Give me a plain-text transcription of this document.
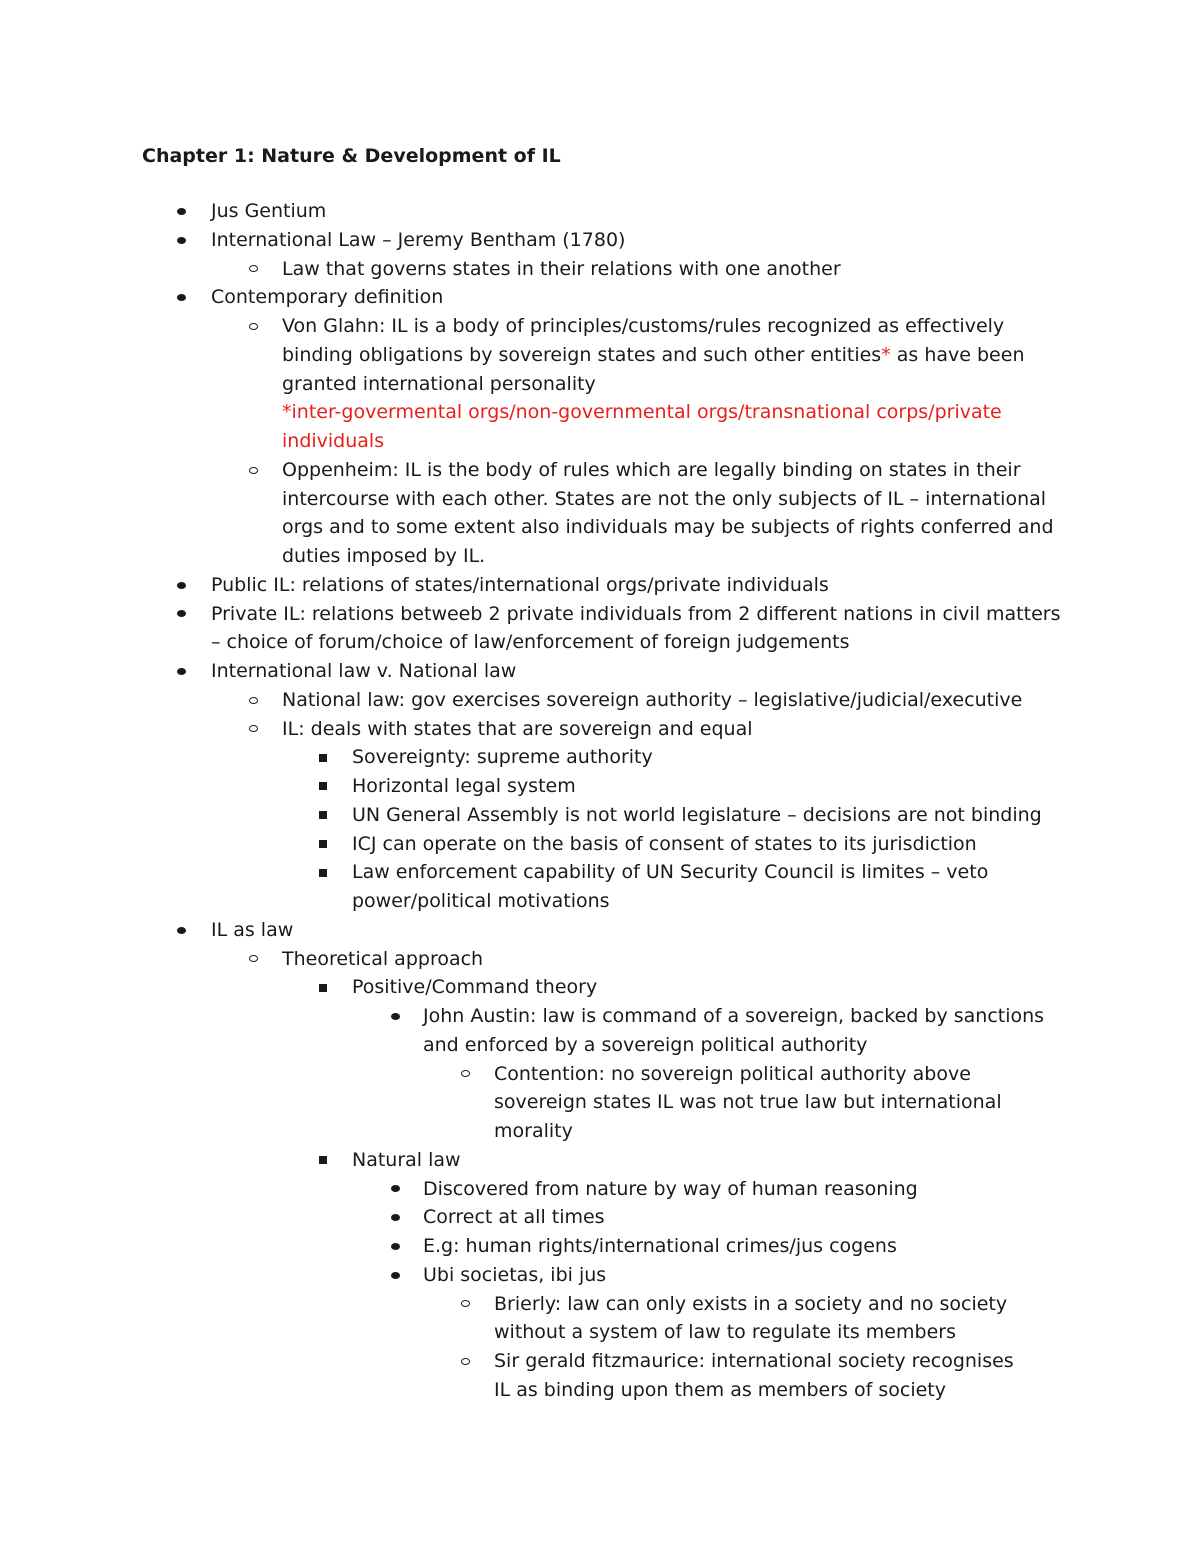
Chapter 1: Nature & Development of IL
Jus Gentium
International Law – Jeremy Bentham (1780)
Law that governs states in their relations with one another
Contemporary definition
Von Glahn: IL is a body of principles/customs/rules recognized as effectively binding obligations by sovereign states and such other entities* as have been granted international personality
*inter-govermental orgs/non-governmental orgs/transnational corps/private individuals
Oppenheim: IL is the body of rules which are legally binding on states in their intercourse with each other. States are not the only subjects of IL – international orgs and to some extent also individuals may be subjects of rights conferred and duties imposed by IL.
Public IL: relations of states/international orgs/private individuals
Private IL: relations betweeb 2 private individuals from 2 different nations in civil matters – choice of forum/choice of law/enforcement of foreign judgements
International law v. National law
National law: gov exercises sovereign authority – legislative/judicial/executive
IL: deals with states that are sovereign and equal
Sovereignty: supreme authority
Horizontal legal system
UN General Assembly is not world legislature – decisions are not binding
ICJ can operate on the basis of consent of states to its jurisdiction
Law enforcement capability of UN Security Council is limites – veto power/political motivations
IL as law
Theoretical approach
Positive/Command theory
John Austin: law is command of a sovereign, backed by sanctions and enforced by a sovereign political authority
Contention: no sovereign political authority above sovereign states IL was not true law but international morality
Natural law
Discovered from nature by way of human reasoning
Correct at all times
E.g: human rights/international crimes/jus cogens
Ubi societas, ibi jus
Brierly: law can only exists in a society and no society without a system of law to regulate its members
Sir gerald fitzmaurice: international society recognises IL as binding upon them as members of society
